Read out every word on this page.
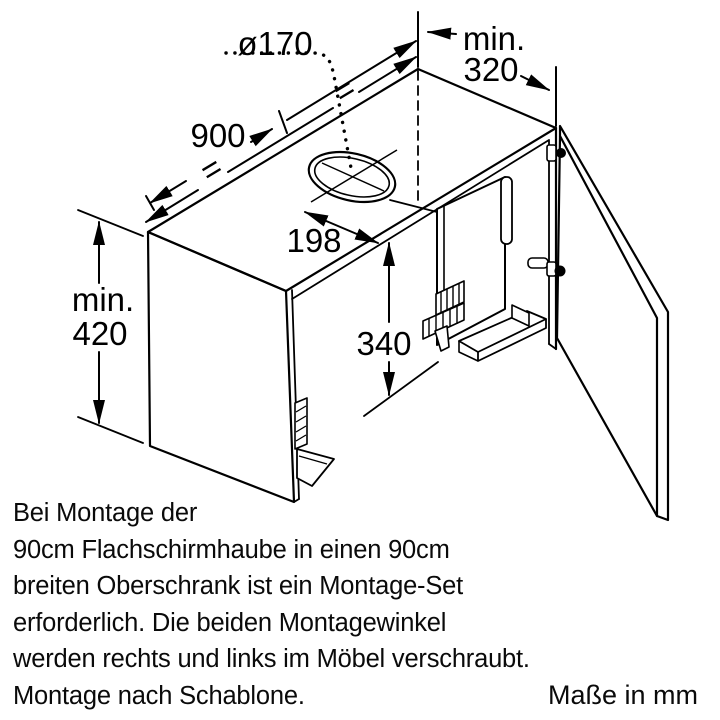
ø170
900
=
=
min.
320
198
min.
420	340
Bei Montage der
90cm Flachschirmhaube in einen 90cm
breiten Oberschrank ist ein Montage-Set
erforderlich. Die beiden Montagewinkel
werden rechts und links im Möbel verschraubt.
Montage nach Schablone.	Maße in mm
